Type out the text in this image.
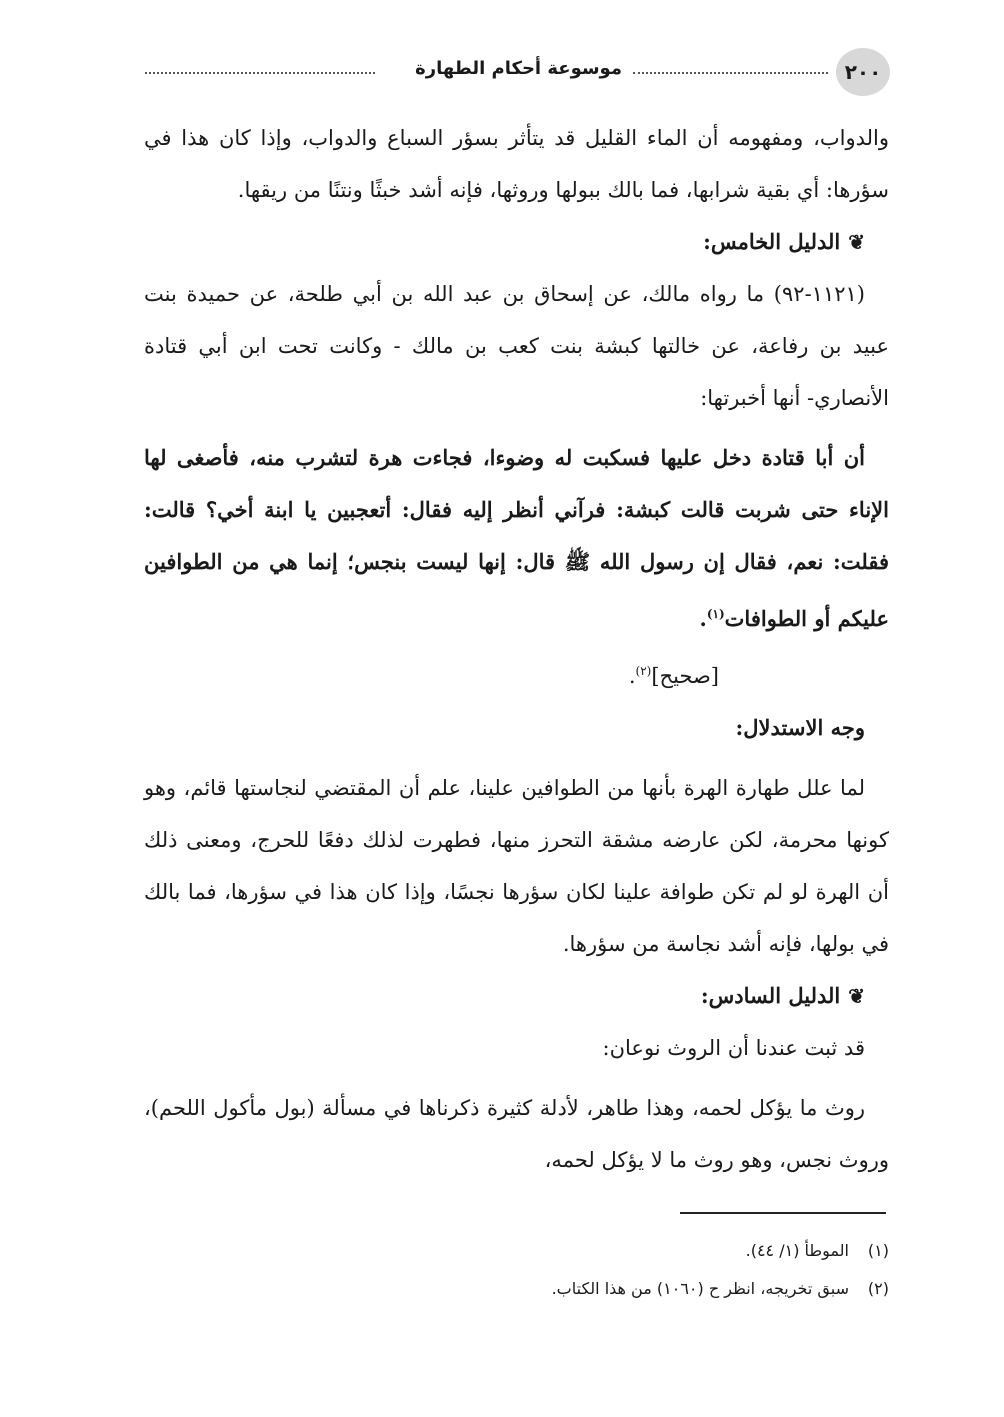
٢٠٠
موسوعة أحكام الطهارة

والدواب، ومفهومه أن الماء القليل قد يتأثر بسؤر السباع والدواب، وإذا كان هذا في سؤرها: أي بقية شرابها، فما بالك ببولها وروثها، فإنه أشد خبثًا ونتنًا من ريقها.

❦الدليل الخامس:

(١١٢١-٩٢) ما رواه مالك، عن إسحاق بن عبد الله بن أبي طلحة، عن حميدة بنت عبيد بن رفاعة، عن خالتها كبشة بنت كعب بن مالك - وكانت تحت ابن أبي قتادة الأنصاري- أنها أخبرتها:

أن أبا قتادة دخل عليها فسكبت له وضوءا، فجاءت هرة لتشرب منه، فأصغى لها الإناء حتى شربت قالت كبشة: فرآني أنظر إليه فقال: أتعجبين يا ابنة أخي؟ قالت: فقلت: نعم، فقال إن رسول الله ﷺ قال: إنها ليست بنجس؛ إنما هي من الطوافين عليكم أو الطوافات$^{(١)}$.

[صحيح]$^{(٢)}$.

وجه الاستدلال:

لما علل طهارة الهرة بأنها من الطوافين علينا، علم أن المقتضي لنجاستها قائم، وهو كونها محرمة، لكن عارضه مشقة التحرز منها، فطهرت لذلك دفعًا للحرج، ومعنى ذلك أن الهرة لو لم تكن طوافة علينا لكان سؤرها نجسًا، وإذا كان هذا في سؤرها، فما بالك في بولها، فإنه أشد نجاسة من سؤرها.

❦الدليل السادس:

قد ثبت عندنا أن الروث نوعان:

روث ما يؤكل لحمه، وهذا طاهر، لأدلة كثيرة ذكرناها في مسألة (بول مأكول اللحم)، وروث نجس، وهو روث ما لا يؤكل لحمه،

(١)الموطأ (١/ ٤٤).

(٢)سبق تخريجه، انظر ح (١٠٦٠) من هذا الكتاب.
